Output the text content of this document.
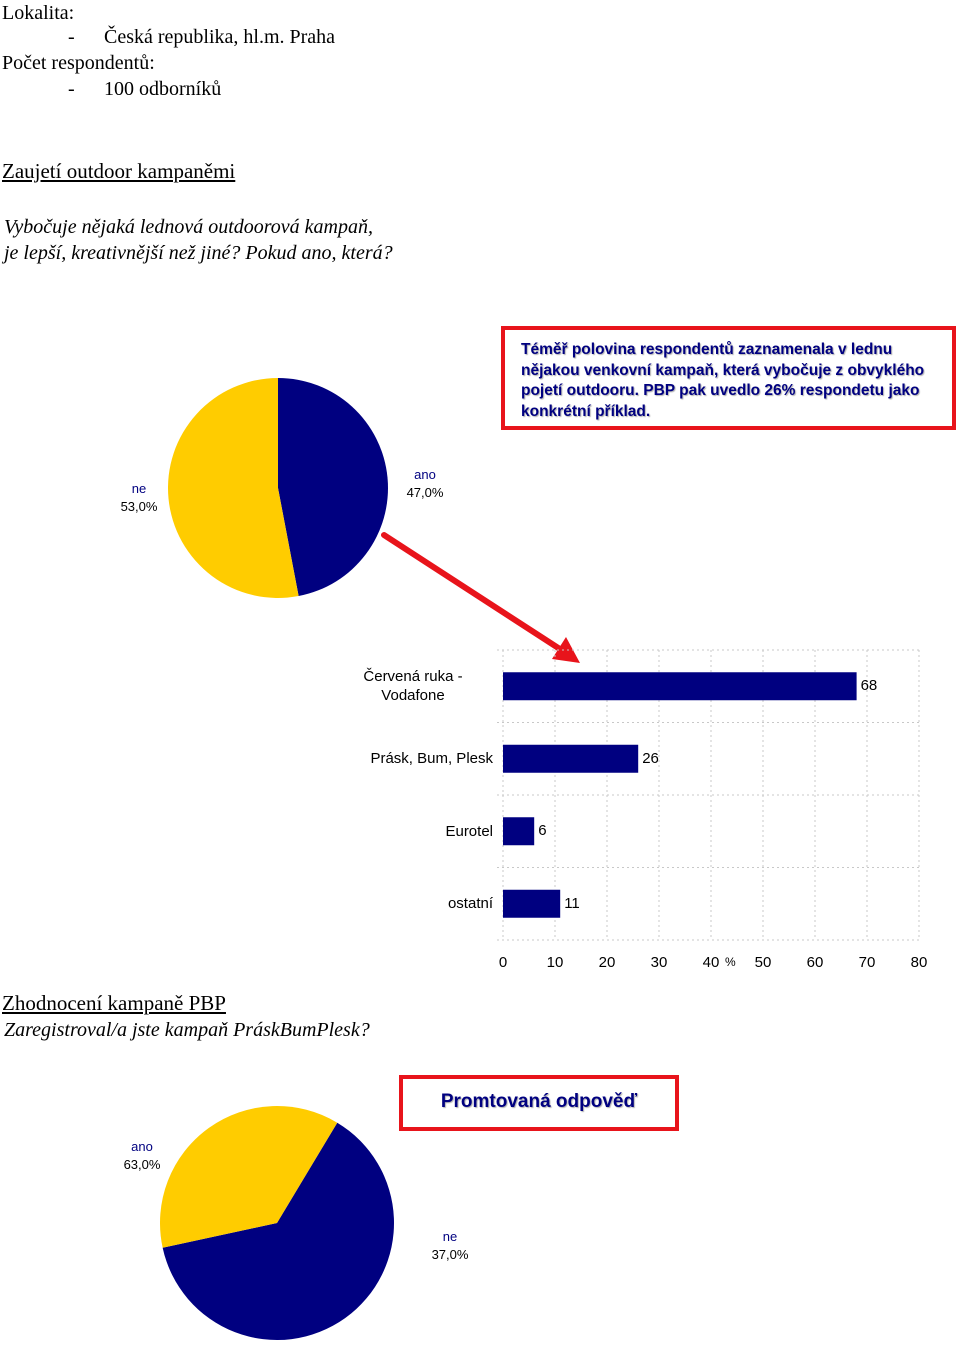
Lokalita:
- Česká republika, hl.m. Praha
Počet respondentů:
- 100 odborníků
Zaujetí outdoor kampaněmi
Vybočuje nějaká lednová outdoorová kampaň,
je lepší, kreativnější než jiné? Pokud ano, která?
Téměř polovina respondentů zaznamenala v lednu nějakou venkovní kampaň, která vybočuje z obvyklého pojetí outdooru. PBP pak uvedlo 26% respondetu jako konkrétní příklad.
ne
53,0%
ano
47,0%
0	10	20	30	40	50	60	70	80
68
Červená ruka -
Vodafone
26
Prásk, Bum, Plesk
6
Eurotel
11
ostatní
%
Zhodnocení kampaně PBP
Zaregistroval/a jste kampaň PráskBumPlesk?
Promtovaná odpověď
ano
63,0%
ne
37,0%
